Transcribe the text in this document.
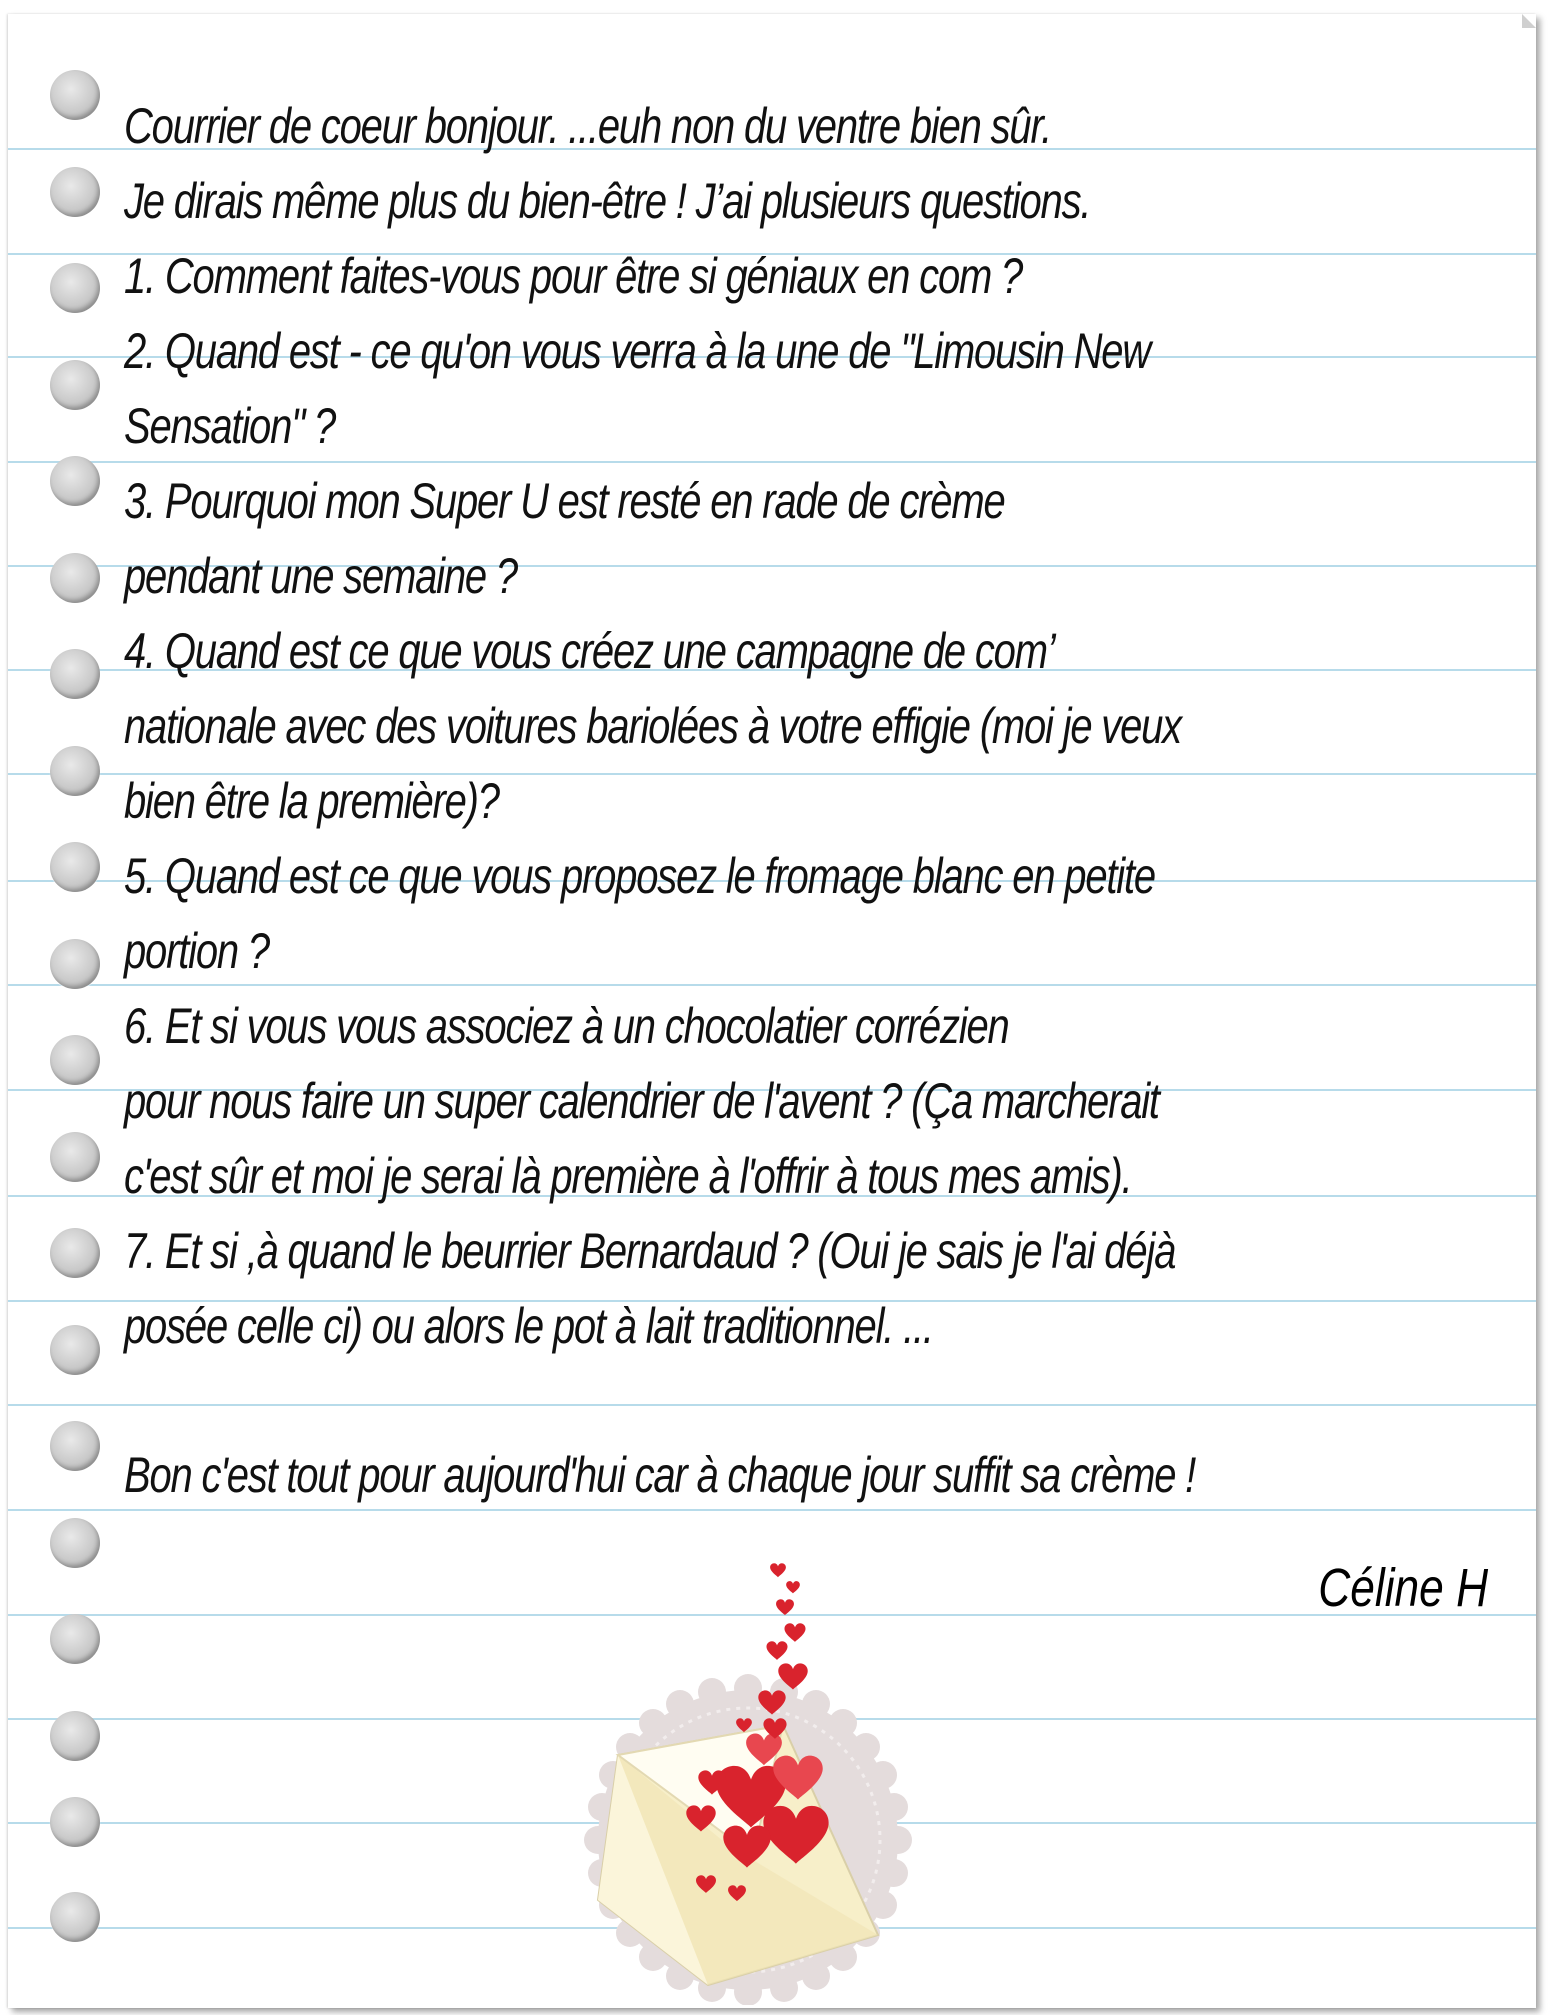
Courrier de coeur bonjour. ...euh non du ventre bien sûr.

Je dirais même plus du bien-être ! J’ai plusieurs questions.

1. Comment faites-vous pour être si géniaux en com ?

2. Quand est - ce qu'on vous verra à la une de "Limousin New

Sensation" ?

3. Pourquoi mon Super U est resté en rade de crème

pendant une semaine ?

4. Quand est ce que vous créez une campagne de com’

nationale avec des voitures bariolées à votre effigie (moi je veux

bien être la première)?

5. Quand est ce que vous proposez le fromage blanc en petite

portion ?

6. Et si vous vous associez à un chocolatier corrézien

pour nous faire un super calendrier de l'avent ? (Ça marcherait

c'est sûr et moi je serai là première à l'offrir à tous mes amis).

7. Et si ,à quand le beurrier Bernardaud ? (Oui je sais je l'ai déjà

posée celle ci) ou alors le pot à lait traditionnel. ...

Bon c'est tout pour aujourd'hui car à chaque jour suffit sa crème !

Céline H
